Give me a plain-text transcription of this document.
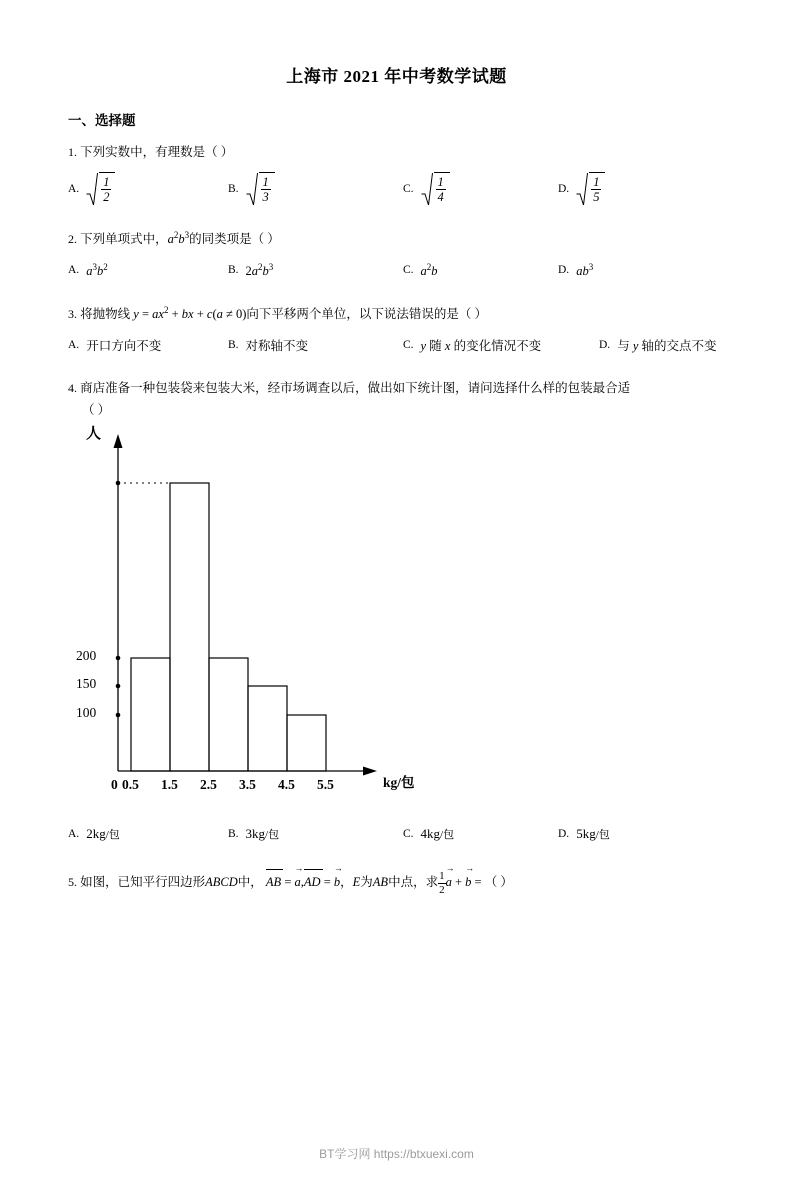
上海市 2021 年中考数学试题
一、选择题
1. 下列实数中，有理数是（ ）
A. $\frac{1}{2}$	B. $\frac{1}{3}$	C. $\frac{1}{4}$	D. $\frac{1}{5}$
2. 下列单项式中，$a^2b^3$的同类项是（ ）
A. $a^3b^2$	B. $2a^2b^3$	C. $a^2b$	D. $ab^3$
3. 将抛物线 $y = ax^2$ + bx + c(a ≠ 0)向下平移两个单位，以下说法错误的是（ ）
A. 开口方向不变	B. 对称轴不变	C. y 随 x 的变化情况不变	D. 与 y 轴的交点不变
4. 商店准备一种包装袋来包装大米，经市场调查以后，做出如下统计图，请问选择什么样的包装最合适
（ ）
人
200
150
100
0 0.5 1.5 2.5 3.5 4.5 5.5	kg/包
A. 2kg/包	B. 3kg/包	C. 4kg/包	D. 5kg/包
5. 如图，已知平行四边形ABCD中， AB = a →,AD = b →，E为AB中点，求 $\frac{1}{2}$ a → + b → = （ ）
BT学习网 https://btxuexi.com
